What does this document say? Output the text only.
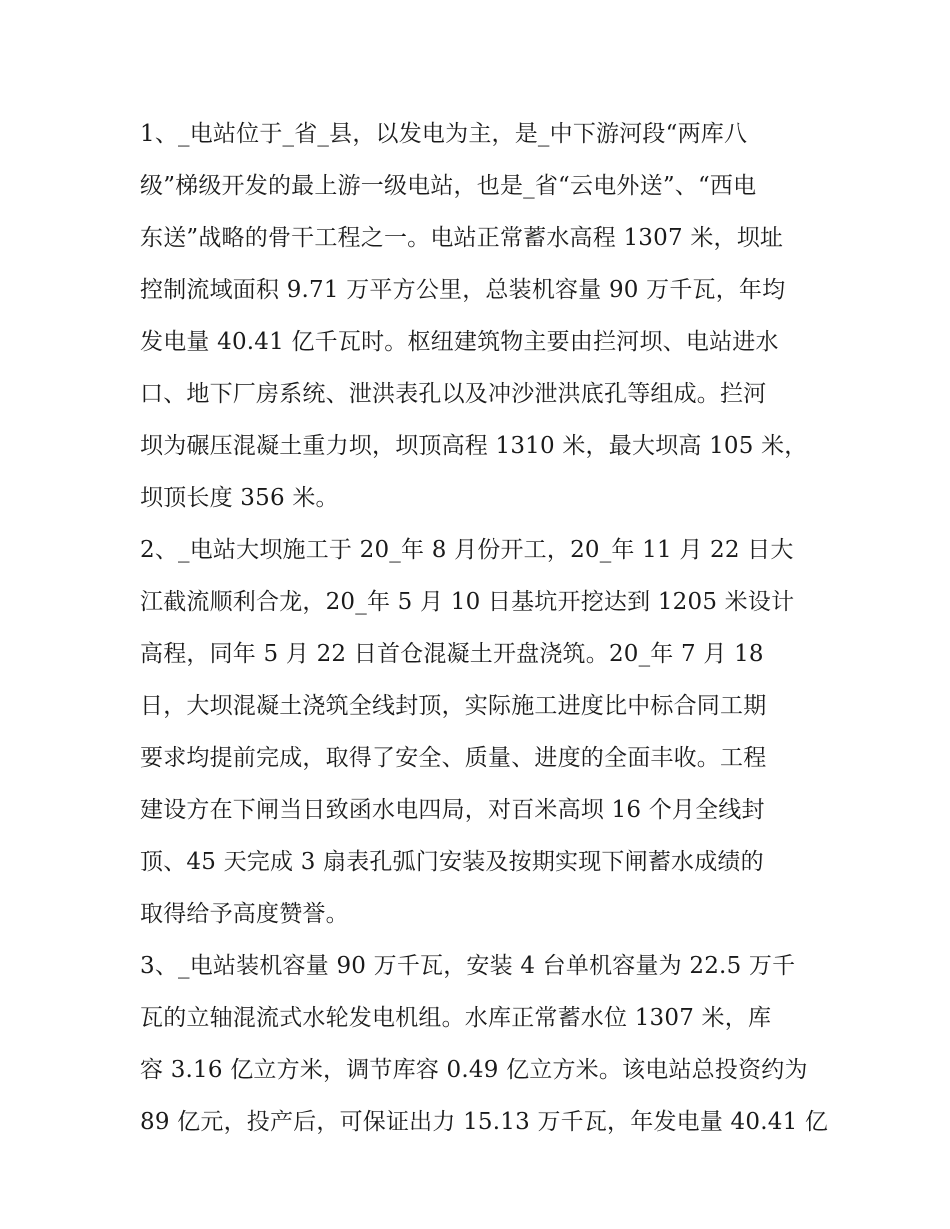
1、_电站位于_省_县，以发电为主，是_中下游河段“两库八
级”梯级开发的最上游一级电站，也是_省“云电外送”、“西电
东送”战略的骨干工程之一。电站正常蓄水高程 1307 米，坝址
控制流域面积 9.71 万平方公里，总装机容量 90 万千瓦，年均
发电量 40.41 亿千瓦时。枢纽建筑物主要由拦河坝、电站进水
口、地下厂房系统、泄洪表孔以及冲沙泄洪底孔等组成。拦河
坝为碾压混凝土重力坝，坝顶高程 1310 米，最大坝高 105 米，
坝顶长度 356 米。
2、_电站大坝施工于 20_年 8 月份开工，20_年 11 月 22 日大
江截流顺利合龙，20_年 5 月 10 日基坑开挖达到 1205 米设计
高程，同年 5 月 22 日首仓混凝土开盘浇筑。20_年 7 月 18
日，大坝混凝土浇筑全线封顶，实际施工进度比中标合同工期
要求均提前完成，取得了安全、质量、进度的全面丰收。工程
建设方在下闸当日致函水电四局，对百米高坝 16 个月全线封
顶、45 天完成 3 扇表孔弧门安装及按期实现下闸蓄水成绩的
取得给予高度赞誉。
3、_电站装机容量 90 万千瓦，安装 4 台单机容量为 22.5 万千
瓦的立轴混流式水轮发电机组。水库正常蓄水位 1307 米，库
容 3.16 亿立方米，调节库容 0.49 亿立方米。该电站总投资约为
89 亿元，投产后，可保证出力 15.13 万千瓦，年发电量 40.41 亿
